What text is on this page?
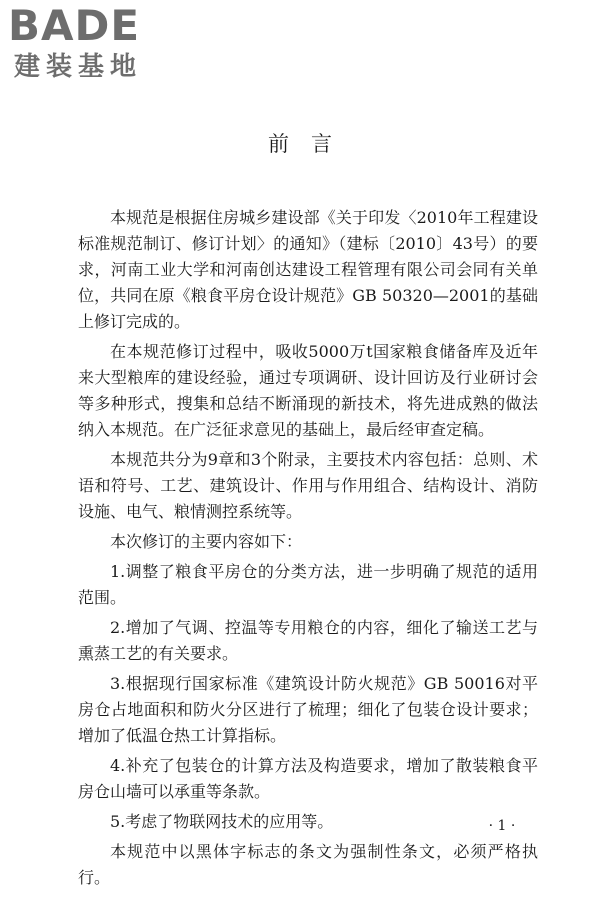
BADE
建装基地
前言

本规范是根据住房城乡建设部《关于印发〈2010年工程建设标准规范制订、修订计划〉的通知》（建标〔2010〕43号）的要求，河南工业大学和河南创达建设工程管理有限公司会同有关单位，共同在原《粮食平房仓设计规范》GB 50320—2001的基础上修订完成的。

在本规范修订过程中，吸收5000万t国家粮食储备库及近年来大型粮库的建设经验，通过专项调研、设计回访及行业研讨会等多种形式，搜集和总结不断涌现的新技术，将先进成熟的做法纳入本规范。在广泛征求意见的基础上，最后经审查定稿。

本规范共分为9章和3个附录，主要技术内容包括：总则、术语和符号、工艺、建筑设计、作用与作用组合、结构设计、消防设施、电气、粮情测控系统等。

本次修订的主要内容如下：

1.调整了粮食平房仓的分类方法，进一步明确了规范的适用范围。

2.增加了气调、控温等专用粮仓的内容，细化了输送工艺与熏蒸工艺的有关要求。

3.根据现行国家标准《建筑设计防火规范》GB 50016对平房仓占地面积和防火分区进行了梳理；细化了包装仓设计要求；增加了低温仓热工计算指标。

4.补充了包装仓的计算方法及构造要求，增加了散装粮食平房仓山墙可以承重等条款。

5.考虑了物联网技术的应用等。

本规范中以黑体字标志的条文为强制性条文，必须严格执行。

· 1 ·
